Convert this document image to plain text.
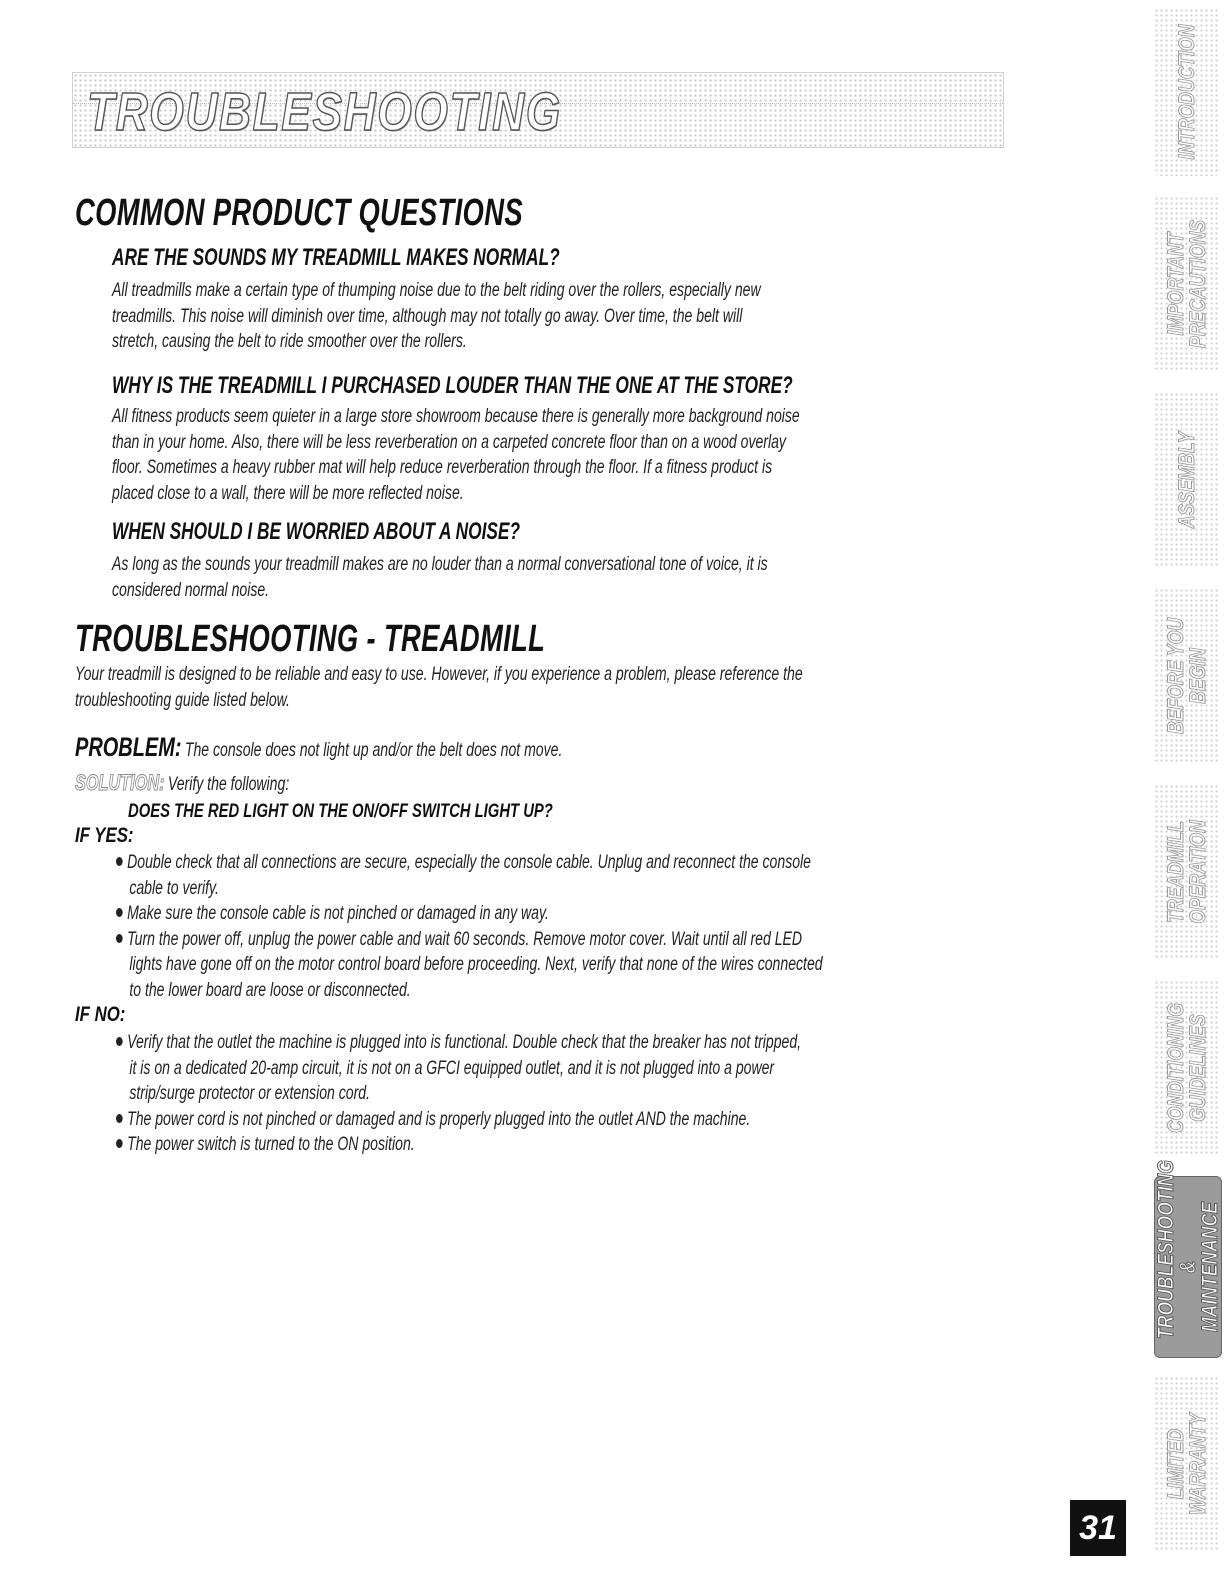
TROUBLESHOOTING
COMMON PRODUCT QUESTIONS
ARE THE SOUNDS MY TREADMILL MAKES NORMAL?
All treadmills make a certain type of thumping noise due to the belt riding over the rollers, especially new
treadmills. This noise will diminish over time, although may not totally go away. Over time, the belt will
stretch, causing the belt to ride smoother over the rollers.
WHY IS THE TREADMILL I PURCHASED LOUDER THAN THE ONE AT THE STORE?
All fitness products seem quieter in a large store showroom because there is generally more background noise
than in your home. Also, there will be less reverberation on a carpeted concrete floor than on a wood overlay
floor. Sometimes a heavy rubber mat will help reduce reverberation through the floor. If a fitness product is
placed close to a wall, there will be more reflected noise.
WHEN SHOULD I BE WORRIED ABOUT A NOISE?
As long as the sounds your treadmill makes are no louder than a normal conversational tone of voice, it is
considered normal noise.
TROUBLESHOOTING - TREADMILL
Your treadmill is designed to be reliable and easy to use. However, if you experience a problem, please reference the
troubleshooting guide listed below.
PROBLEM: The console does not light up and/or the belt does not move.
SOLUTION: Verify the following:
DOES THE RED LIGHT ON THE ON/OFF SWITCH LIGHT UP?
IF YES:
Double check that all connections are secure, especially the console cable. Unplug and reconnect the console
cable to verify.
Make sure the console cable is not pinched or damaged in any way.
Turn the power off, unplug the power cable and wait 60 seconds. Remove motor cover. Wait until all red LED
lights have gone off on the motor control board before proceeding. Next, verify that none of the wires connected
to the lower board are loose or disconnected.
IF NO:
Verify that the outlet the machine is plugged into is functional. Double check that the breaker has not tripped,
it is on a dedicated 20-amp circuit, it is not on a GFCI equipped outlet, and it is not plugged into a power
strip/surge protector or extension cord.
The power cord is not pinched or damaged and is properly plugged into the outlet AND the machine.
The power switch is turned to the ON position.
INTRODUCTION
IMPORTANT PRECAUTIONS
ASSEMBLY
BEFORE YOU BEGIN
TREADMILL OPERATION
CONDITIONING GUIDELINES
TROUBLESHOOTING & MAINTENANCE
LIMITED WARRANTY
31
